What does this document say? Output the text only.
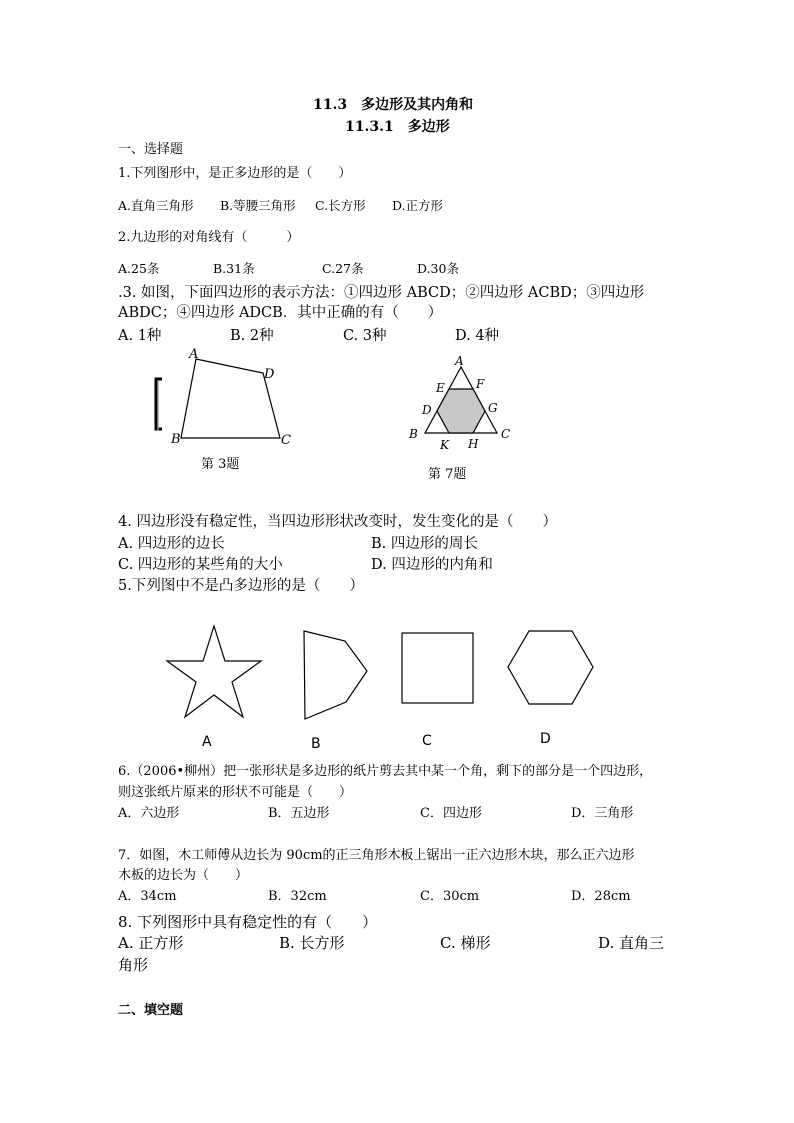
11.3　多边形及其内角和
11.3.1　多边形
一、选择题
1.下列图形中，是正多边形的是（　　）
A.直角三角形 B.等腰三角形 C.长方形 D.正方形
2.九边形的对角线有（　　　）
A.25条	B.31条	C.27条	D.30条
.3. 如图，下面四边形的表示方法：①四边形 ABCD；②四边形 ACBD；③四边形
ABDC；④四边形 ADCB．其中正确的有（　　）
A. 1种	B. 2种	C. 3种	D. 4种
A
D
B	C
第 3题
A
E	F
D	G
B	C
K H
第 7题
4. 四边形没有稳定性，当四边形形状改变时，发生变化的是（　　）
A. 四边形的边长	B. 四边形的周长
C. 四边形的某些角的大小	D. 四边形的内角和
5.下列图中不是凸多边形的是（　　）
A	B	C	D
6.（2006•柳州）把一张形状是多边形的纸片剪去其中某一个角，剩下的部分是一个四边形，
则这张纸片原来的形状不可能是（　　）
A．六边形	B．五边形	C．四边形	D．三角形
7．如图，木工师傅从边长为 90cm的正三角形木板上锯出一正六边形木块，那么正六边形
木板的边长为（　　）
A．34cm	B．32cm	C．30cm	D．28cm
8. 下列图形中具有稳定性的有（　　）
A. 正方形	B. 长方形	C. 梯形	D. 直角三
角形
二、填空题
